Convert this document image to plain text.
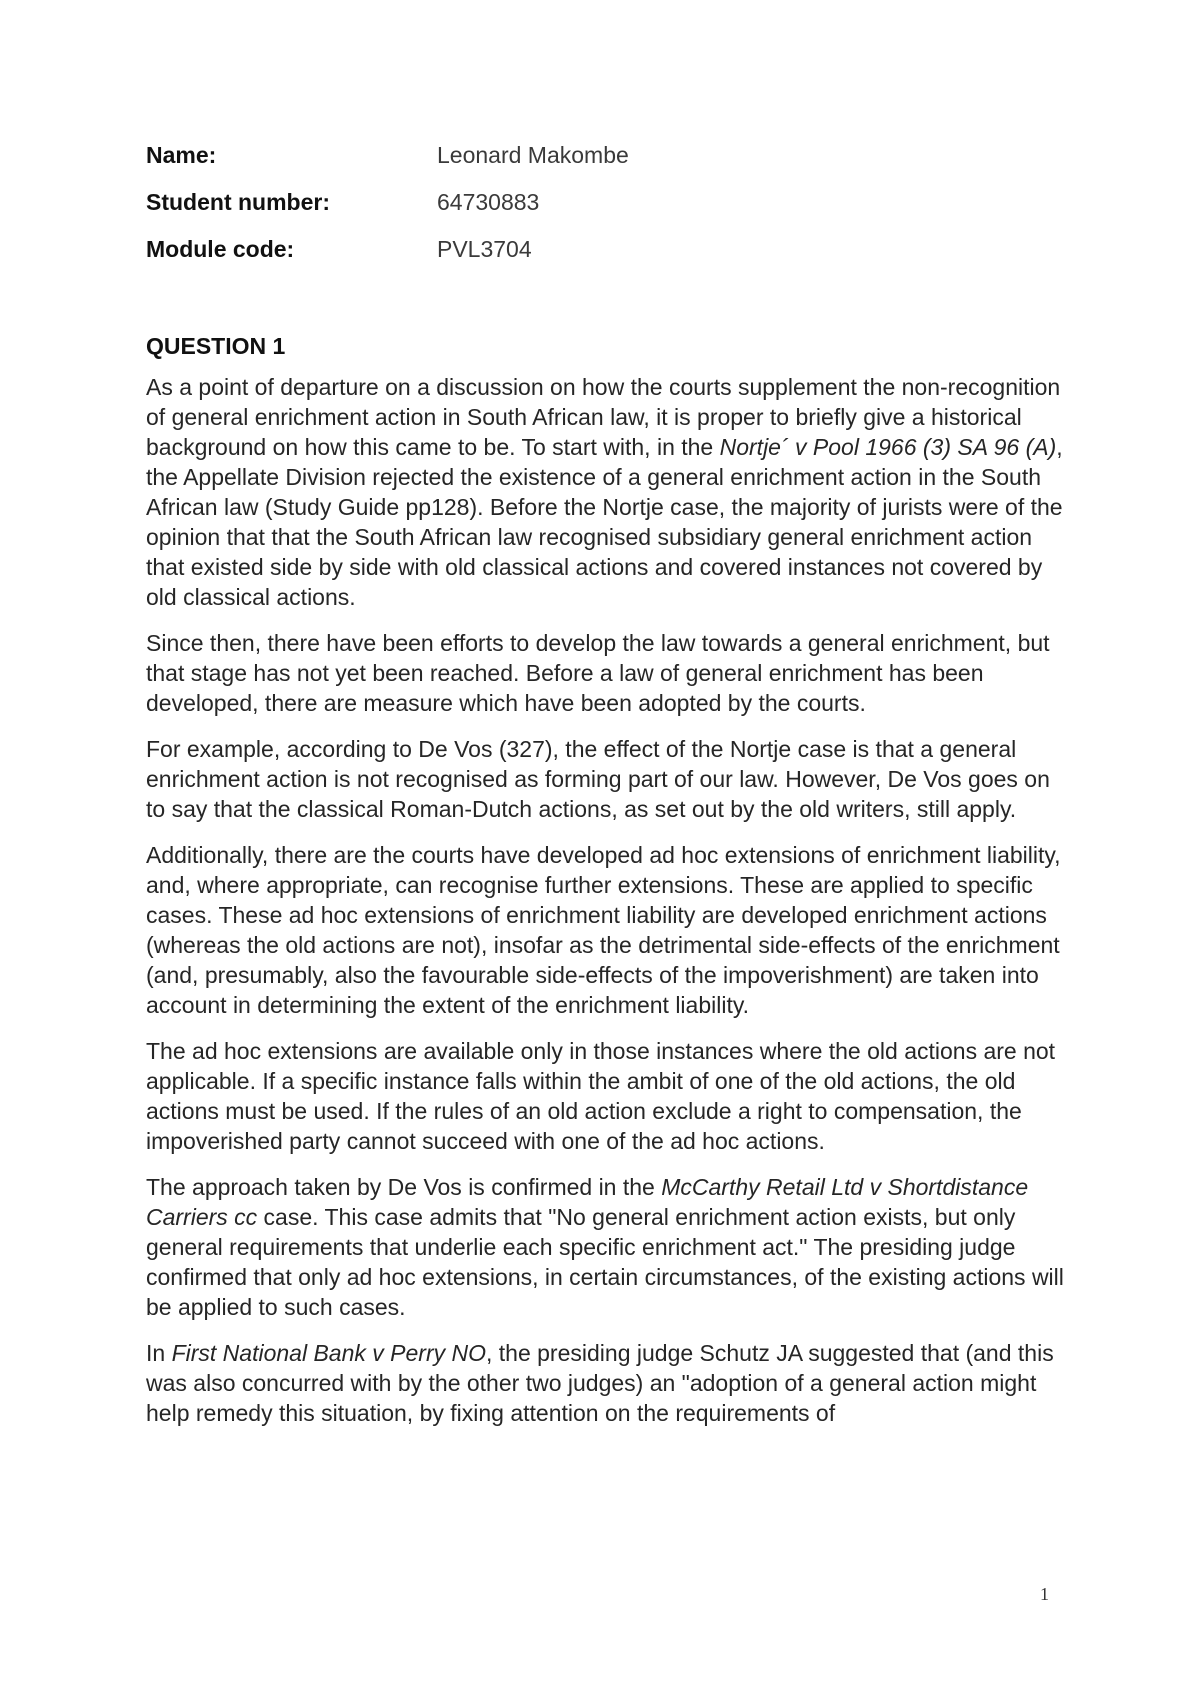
Name:	Leonard Makombe
Student number:	64730883
Module code:	PVL3704
QUESTION 1

As a point of departure on a discussion on how the courts supplement the non-recognition of general enrichment action in South African law, it is proper to briefly give a historical background on how this came to be. To start with, in the Nortje´ v Pool 1966 (3) SA 96 (A), the Appellate Division rejected the existence of a general enrichment action in the South African law (Study Guide pp128). Before the Nortje case, the majority of jurists were of the opinion that that the South African law recognised subsidiary general enrichment action that existed side by side with old classical actions and covered instances not covered by old classical actions.

Since then, there have been efforts to develop the law towards a general enrichment, but that stage has not yet been reached. Before a law of general enrichment has been developed, there are measure which have been adopted by the courts.

For example, according to De Vos (327), the effect of the Nortje case is that a general enrichment action is not recognised as forming part of our law. However, De Vos goes on to say that the classical Roman-Dutch actions, as set out by the old writers, still apply.

Additionally, there are the courts have developed ad hoc extensions of enrichment liability, and, where appropriate, can recognise further extensions. These are applied to specific cases. These ad hoc extensions of enrichment liability are developed enrichment actions (whereas the old actions are not), insofar as the detrimental side-effects of the enrichment (and, presumably, also the favourable side-effects of the impoverishment) are taken into account in determining the extent of the enrichment liability.

The ad hoc extensions are available only in those instances where the old actions are not applicable. If a specific instance falls within the ambit of one of the old actions, the old actions must be used. If the rules of an old action exclude a right to compensation, the impoverished party cannot succeed with one of the ad hoc actions.

The approach taken by De Vos is confirmed in the McCarthy Retail Ltd v Shortdistance Carriers cc case. This case admits that "No general enrichment action exists, but only general requirements that underlie each specific enrichment act." The presiding judge confirmed that only ad hoc extensions, in certain circumstances, of the existing actions will be applied to such cases.

In First National Bank v Perry NO, the presiding judge Schutz JA suggested that (and this was also concurred with by the other two judges) an "adoption of a general action might help remedy this situation, by fixing attention on the requirements of

1
